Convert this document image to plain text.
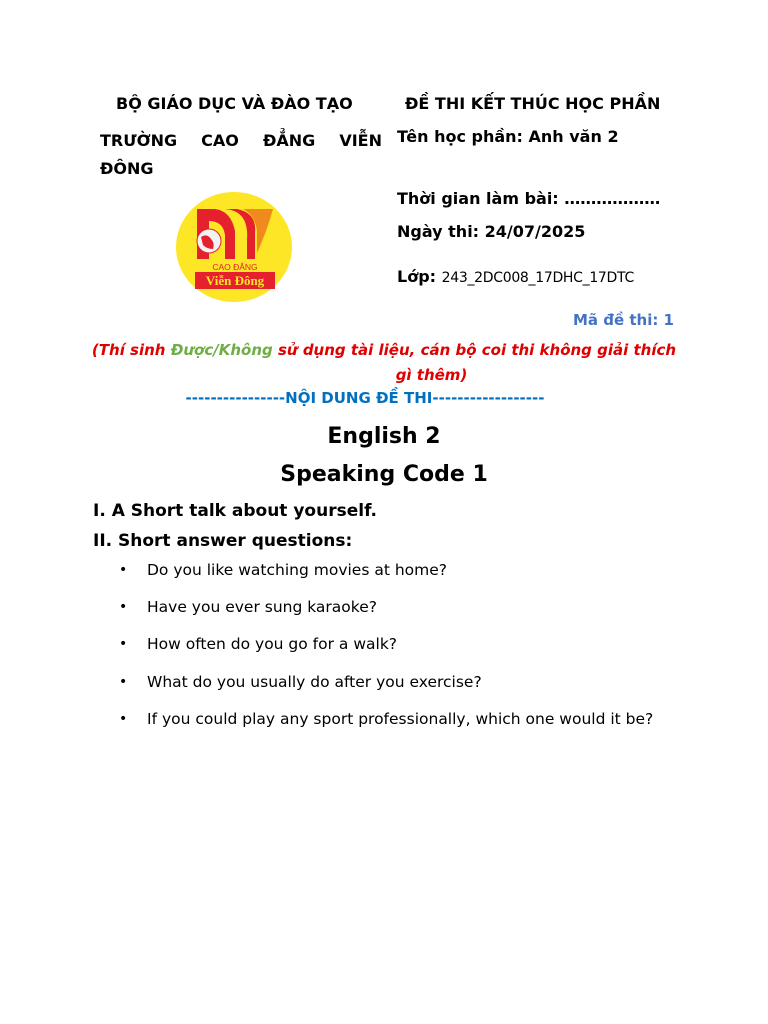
BỘ GIÁO DỤC VÀ ĐÀO TẠO	ĐỀ THI KẾT THÚC HỌC PHẦN
TRƯỜNG CAO ĐẲNG VIỄN
ĐÔNG
Tên học phần: Anh văn 2
Thời gian làm bài: ………………
Ngày thi: 24/07/2025
Lớp: 243_2DC008_17DHC_17DTC
CAO ĐẲNG
Viễn Đông
Mã đề thi: 1
(Thí sinh Được/Không sử dụng tài liệu, cán bộ coi thi không giải thích
gì thêm)
----------------NỘI DUNG ĐỀ THI------------------
English 2
Speaking Code 1
I. A Short talk about yourself.
II. Short answer questions:
• Do you like watching movies at home?
• Have you ever sung karaoke?
• How often do you go for a walk?
• What do you usually do after you exercise?
• If you could play any sport professionally, which one would it be?
